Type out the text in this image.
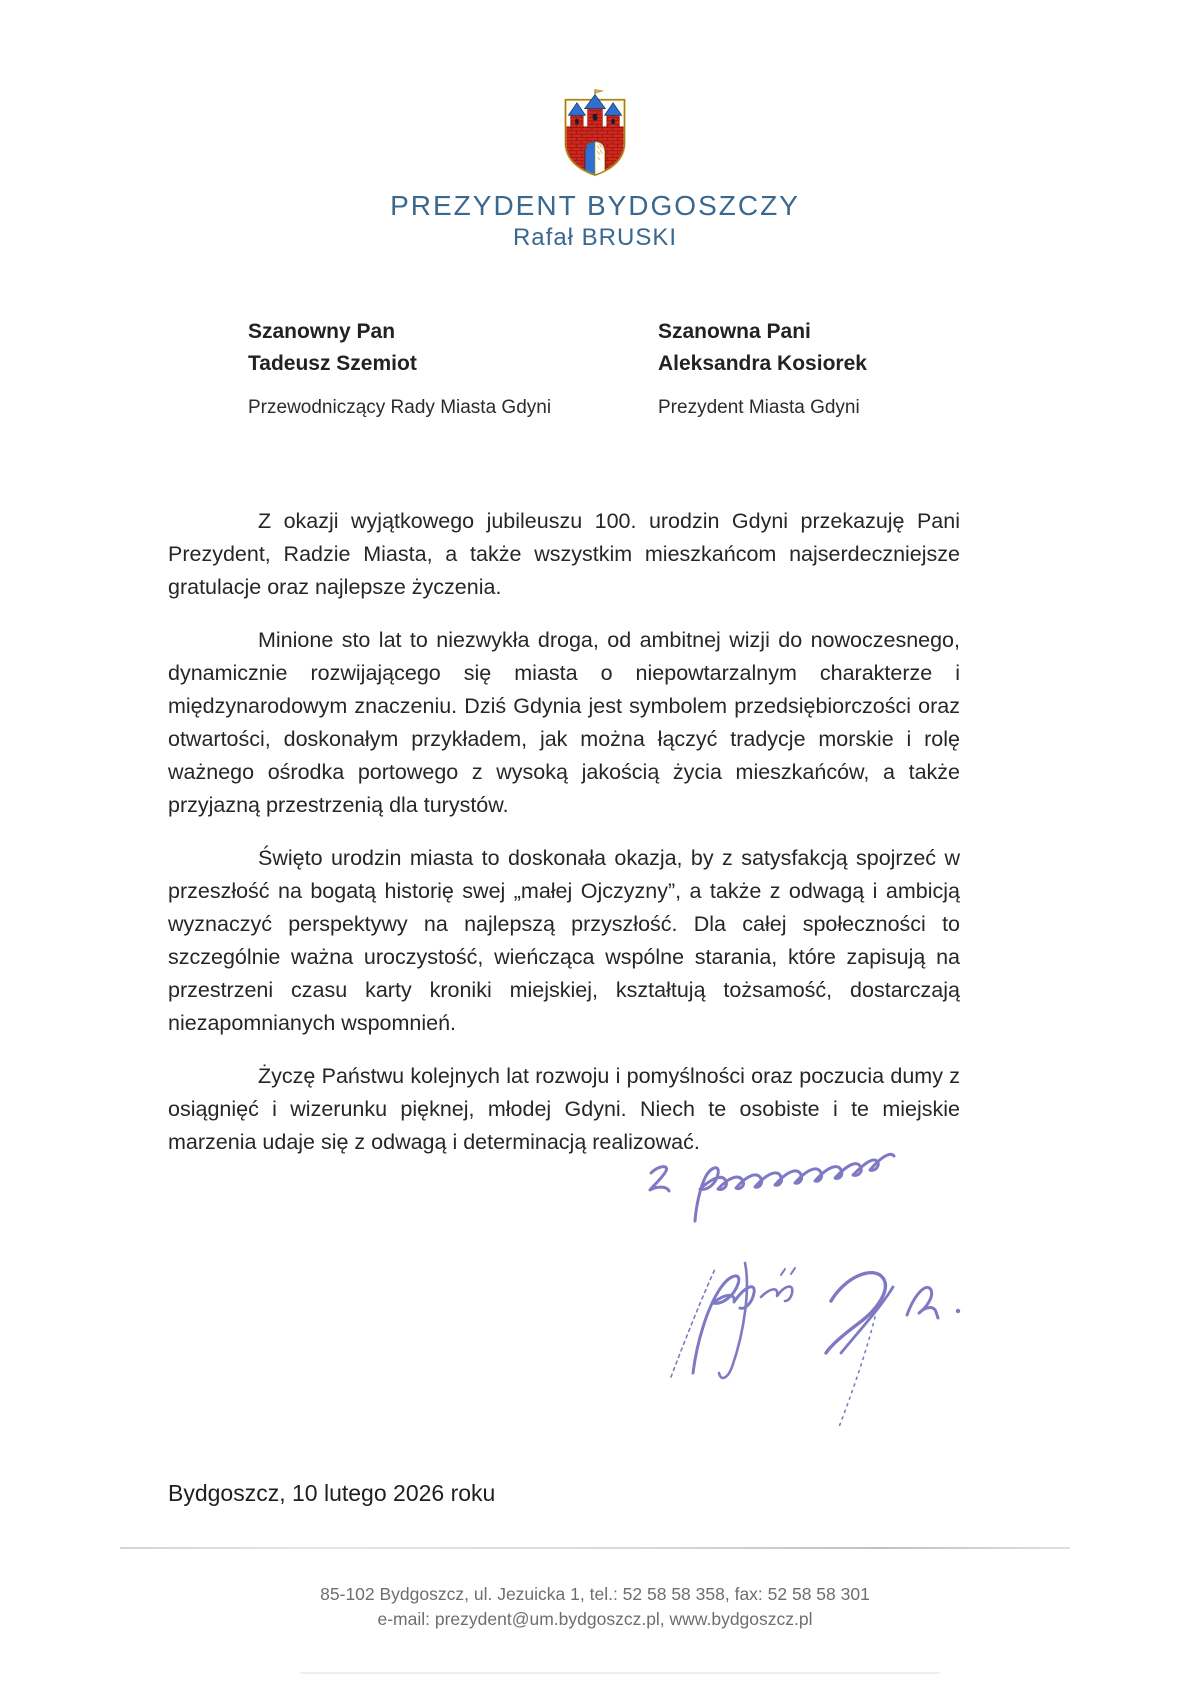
PREZYDENT BYDGOSZCZY
Rafał BRUSKI
Szanowny Pan
Tadeusz Szemiot
Przewodniczący Rady Miasta Gdyni
Szanowna Pani
Aleksandra Kosiorek
Prezydent Miasta Gdyni

Z okazji wyjątkowego jubileuszu 100. urodzin Gdyni przekazuję Pani Prezydent, Radzie Miasta, a także wszystkim mieszkańcom najserdeczniejsze gratulacje oraz najlepsze życzenia.

Minione sto lat to niezwykła droga, od ambitnej wizji do nowoczesnego, dynamicznie rozwijającego się miasta o niepowtarzalnym charakterze i międzynarodowym znaczeniu. Dziś Gdynia jest symbolem przedsiębiorczości oraz otwartości, doskonałym przykładem, jak można łączyć tradycje morskie i rolę ważnego ośrodka portowego z wysoką jakością życia mieszkańców, a także przyjazną przestrzenią dla turystów.

Święto urodzin miasta to doskonała okazja, by z satysfakcją spojrzeć w przeszłość na bogatą historię swej „małej Ojczyzny”, a także z odwagą i ambicją wyznaczyć perspektywy na najlepszą przyszłość. Dla całej społeczności to szczególnie ważna uroczystość, wieńcząca wspólne starania, które zapisują na przestrzeni czasu karty kroniki miejskiej, kształtują tożsamość, dostarczają niezapomnianych wspomnień.

Życzę Państwu kolejnych lat rozwoju i pomyślności oraz poczucia dumy z osiągnięć i wizerunku pięknej, młodej Gdyni. Niech te osobiste i te miejskie marzenia udaje się z odwagą i determinacją realizować.

Bydgoszcz, 10 lutego 2026 roku
85-102 Bydgoszcz, ul. Jezuicka 1, tel.: 52 58 58 358, fax: 52 58 58 301
e-mail: prezydent@um.bydgoszcz.pl, www.bydgoszcz.pl
